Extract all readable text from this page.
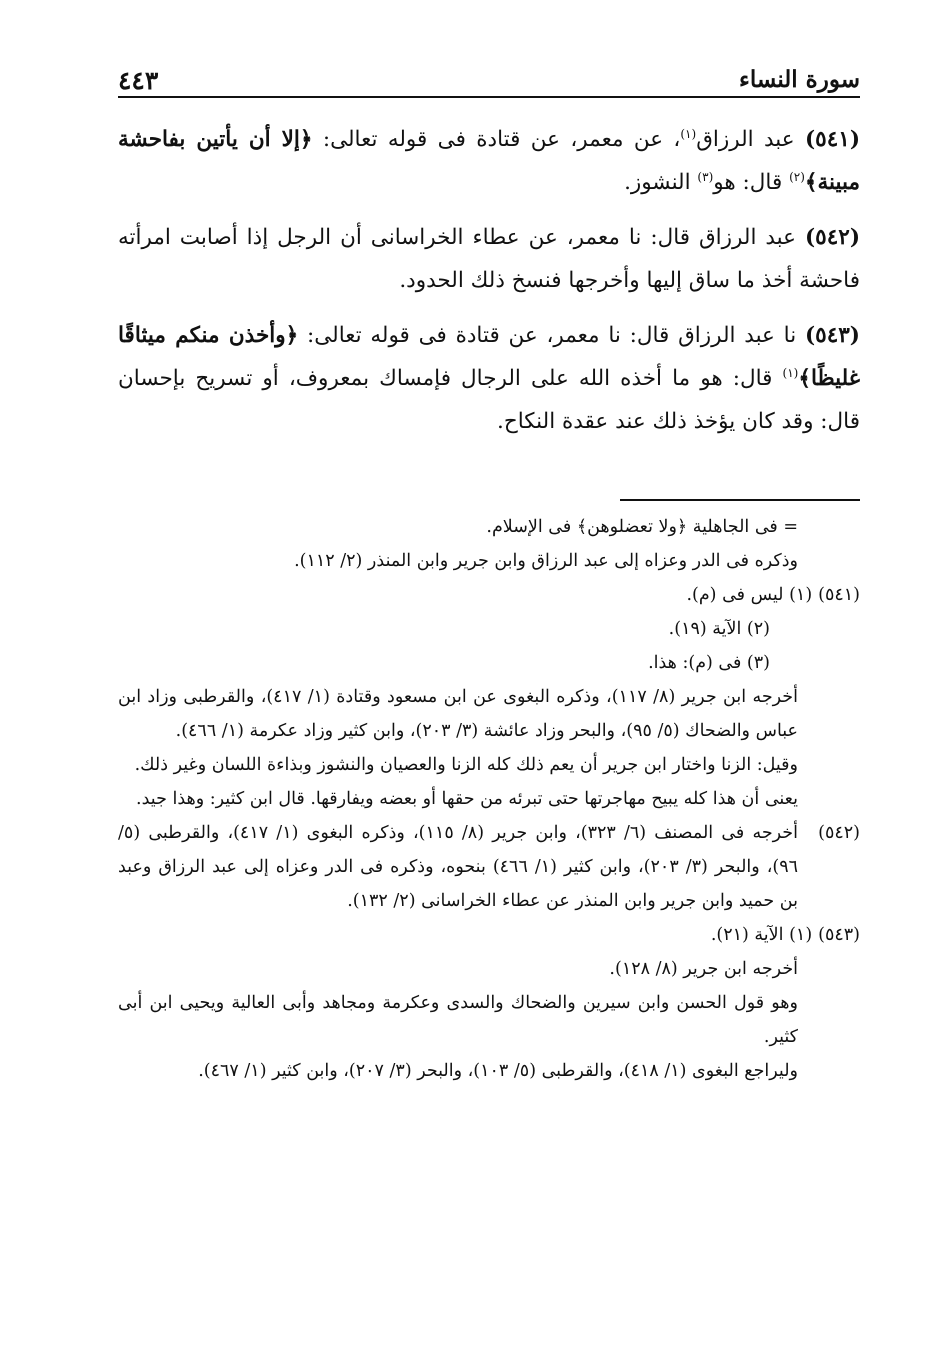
٤٤٣	سورة النساء
(٥٤١) عبد الرزاق$^{(١)}$، عن معمر، عن قتادة فى قوله تعالى: ﴿إلا أن يأتين بفاحشة مبينة﴾$^{(٢)}$ قال: هو$^{(٣)}$ النشوز.
(٥٤٢) عبد الرزاق قال: نا معمر، عن عطاء الخراسانى أن الرجل إذا أصابت امرأته فاحشة أخذ ما ساق إليها وأخرجها فنسخ ذلك الحدود.
(٥٤٣) نا عبد الرزاق قال: نا معمر، عن قتادة فى قوله تعالى: ﴿وأخذن منكم ميثاقًا غليظًا﴾$^{(١)}$ قال: هو ما أخذه الله على الرجال فإمساك بمعروف، أو تسريح بإحسان قال: وقد كان يؤخذ ذلك عند عقدة النكاح.
= فى الجاهلية ﴿ولا تعضلوهن﴾ فى الإسلام.
وذكره فى الدر وعزاه إلى عبد الرزاق وابن جرير وابن المنذر (٢/ ١١٢).
(٥٤١)
(١) ليس فى (م).
(٢) الآية (١٩).
(٣) فى (م): هذا.
أخرجه ابن جرير (٨/ ١١٧)، وذكره البغوى عن ابن مسعود وقتادة (١/ ٤١٧)، والقرطبى وزاد ابن عباس والضحاك (٥/ ٩٥)، والبحر وزاد عائشة (٣/ ٢٠٣)، وابن كثير وزاد عكرمة (١/ ٤٦٦).
وقيل: الزنا واختار ابن جرير أن يعم ذلك كله الزنا والعصيان والنشوز وبذاءة اللسان وغير ذلك.
يعنى أن هذا كله يبيح مهاجرتها حتى تبرئه من حقها أو بعضه ويفارقها. قال ابن كثير: وهذا جيد.
(٥٤٢)
أخرجه فى المصنف (٦/ ٣٢٣)، وابن جرير (٨/ ١١٥)، وذكره البغوى (١/ ٤١٧)، والقرطبى (٥/ ٩٦)، والبحر (٣/ ٢٠٣)، وابن كثير (١/ ٤٦٦) بنحوه، وذكره فى الدر وعزاه إلى عبد الرزاق وعبد بن حميد وابن جرير وابن المنذر عن عطاء الخراسانى (٢/ ١٣٢).
(٥٤٣)
(١) الآية (٢١).
أخرجه ابن جرير (٨/ ١٢٨).
وهو قول الحسن وابن سيرين والضحاك والسدى وعكرمة ومجاهد وأبى العالية ويحيى ابن أبى كثير.
وليراجع البغوى (١/ ٤١٨)، والقرطبى (٥/ ١٠٣)، والبحر (٣/ ٢٠٧)، وابن كثير (١/ ٤٦٧).
